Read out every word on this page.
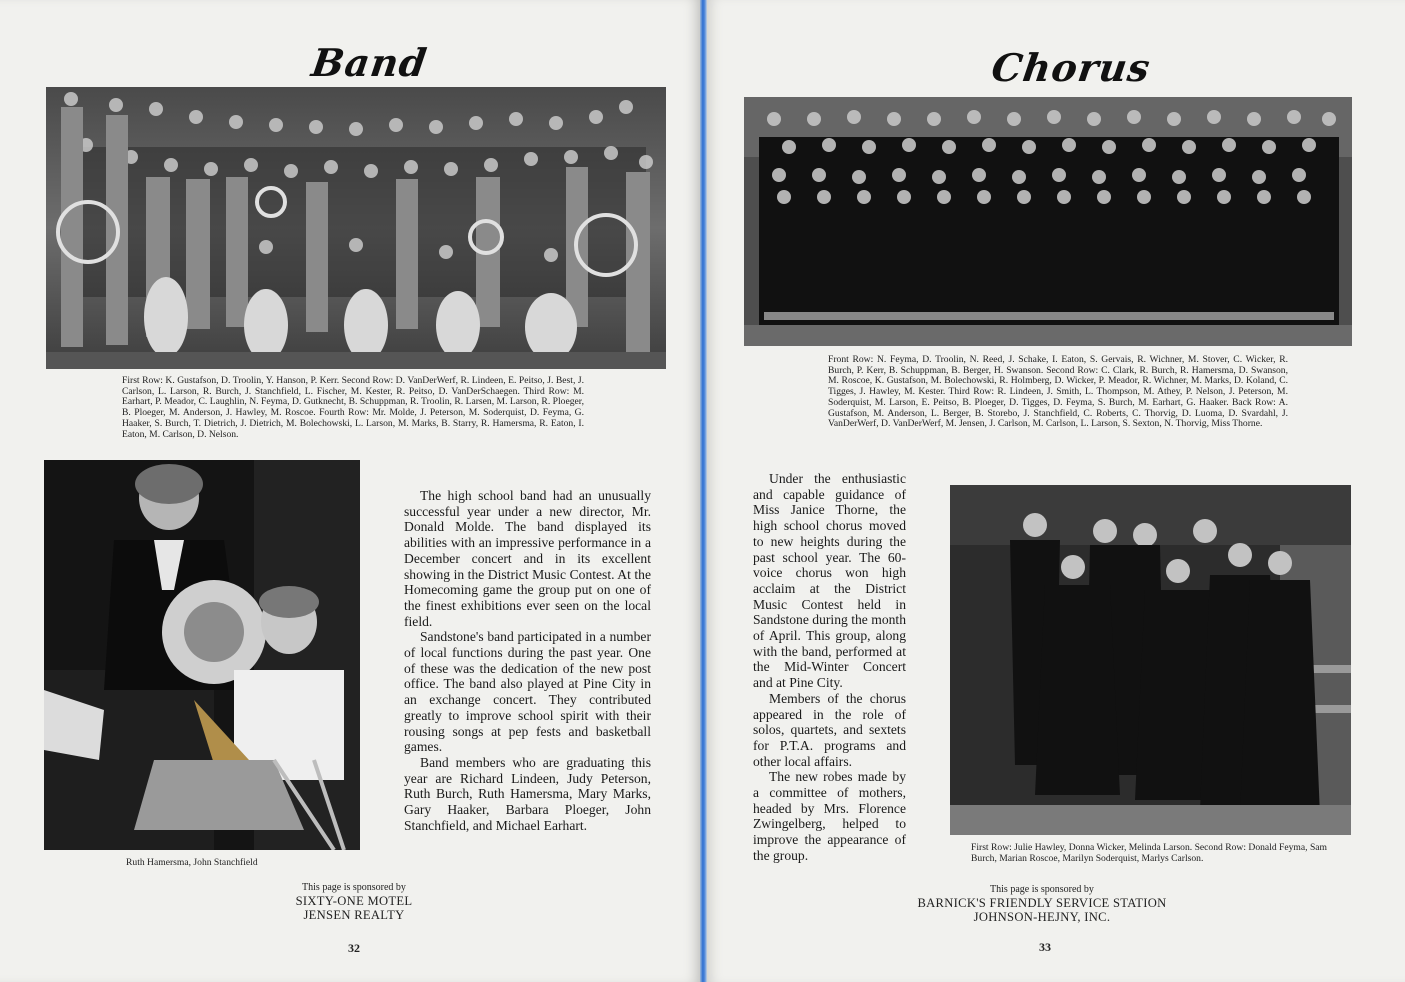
Band
First Row: K. Gustafson, D. Troolin, Y. Hanson, P. Kerr. Second Row: D. VanDerWerf, R. Lindeen, E. Peitso, J. Best, J. Carlson, L. Larson, R. Burch, J. Stanchfield, L. Fischer, M. Kester, R. Peitso, D. VanDerSchaegen. Third Row: M. Earhart, P. Meador, C. Laughlin, N. Feyma, D. Gutknecht, B. Schuppman, R. Troolin, R. Larsen, M. Larson, R. Ploeger, B. Ploeger, M. Anderson, J. Hawley, M. Roscoe. Fourth Row: Mr. Molde, J. Peterson, M. Soderquist, D. Feyma, G. Haaker, S. Burch, T. Dietrich, J. Dietrich, M. Bolechowski, L. Larson, M. Marks, B. Starry, R. Hamersma, R. Eaton, I. Eaton, M. Carlson, D. Nelson.
Ruth Hamersma, John Stanchfield

The high school band had an unusually successful year under a new director, Mr. Donald Molde. The band displayed its abilities with an impressive performance in a December concert and in its excellent showing in the District Music Contest. At the Homecoming game the group put on one of the finest exhibitions ever seen on the local field.

Sandstone's band participated in a number of local functions during the past year. One of these was the dedication of the new post office. The band also played at Pine City in an exchange concert. They contributed greatly to improve school spirit with their rousing songs at pep fests and basketball games.

Band members who are graduating this year are Richard Lindeen, Judy Peterson, Ruth Burch, Ruth Hamersma, Mary Marks, Gary Haaker, Barbara Ploeger, John Stanchfield, and Michael Earhart.

This page is sponsored by
SIXTY-ONE MOTEL
JENSEN REALTY
32
Chorus
Front Row: N. Feyma, D. Troolin, N. Reed, J. Schake, I. Eaton, S. Gervais, R. Wichner, M. Stover, C. Wicker, R. Burch, P. Kerr, B. Schuppman, B. Berger, H. Swanson. Second Row: C. Clark, R. Burch, R. Hamersma, D. Swanson, M. Roscoe, K. Gustafson, M. Bolechowski, R. Holmberg, D. Wicker, P. Meador, R. Wichner, M. Marks, D. Koland, C. Tigges, J. Hawley, M. Kester. Third Row: R. Lindeen, J. Smith, L. Thompson, M. Athey, P. Nelson, J. Peterson, M. Soderquist, M. Larson, E. Peitso, B. Ploeger, D. Tigges, D. Feyma, S. Burch, M. Earhart, G. Haaker. Back Row: A. Gustafson, M. Anderson, L. Berger, B. Storebo, J. Stanchfield, C. Roberts, C. Thorvig, D. Luoma, D. Svardahl, J. VanDerWerf, D. VanDerWerf, M. Jensen, J. Carlson, M. Carlson, L. Larson, S. Sexton, N. Thorvig, Miss Thorne.

Under the enthusiastic and capable guidance of Miss Janice Thorne, the high school chorus moved to new heights during the past school year. The 60-voice chorus won high acclaim at the District Music Contest held in Sandstone during the month of April. This group, along with the band, performed at the Mid-Winter Concert and at Pine City.

Members of the chorus appeared in the role of solos, quartets, and sextets for P.T.A. programs and other local affairs.

The new robes made by a committee of mothers, headed by Mrs. Florence Zwingelberg, helped to improve the appearance of the group.

First Row: Julie Hawley, Donna Wicker, Melinda Larson. Second Row: Donald Feyma, Sam Burch, Marian Roscoe, Marilyn Soderquist, Marlys Carlson.
This page is sponsored by
BARNICK'S FRIENDLY SERVICE STATION
JOHNSON-HEJNY, INC.
33
